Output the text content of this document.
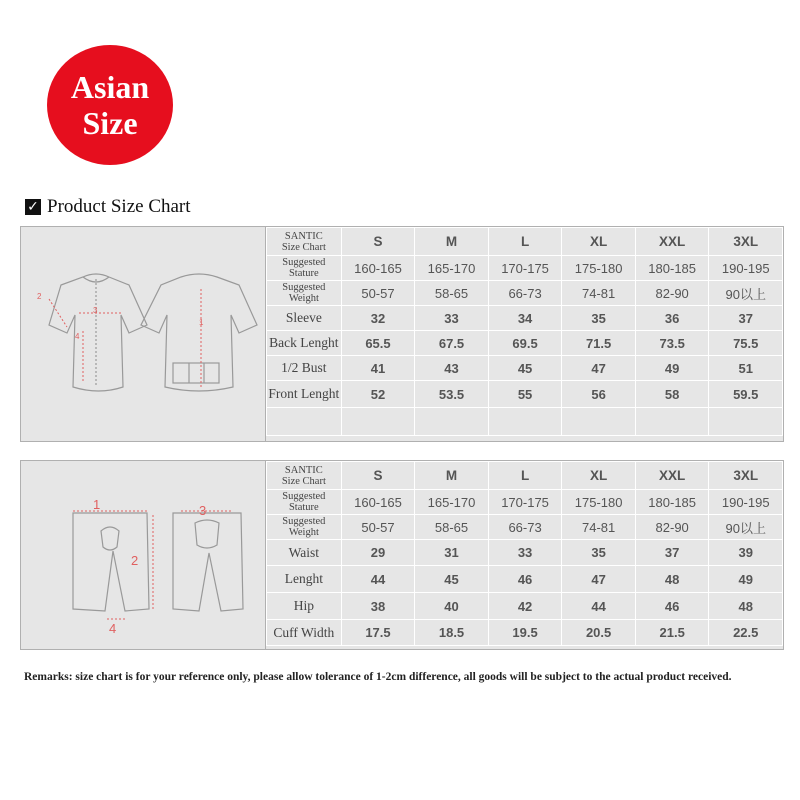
Asian
Size
✓ Product Size Chart
1
2
3
4
SANTIC
Size Chart	S	M	L	XL	XXL	3XL

Suggested
Stature	160-165	165-170	170-175	175-180	180-185	190-195

Suggested
Weight	50-57	58-65	66-73	74-81	82-90	90以上

Sleeve	32	33	34	35	36	37

Back Lenght	65.5	67.5	69.5	71.5	73.5	75.5

1/2 Bust	41	43	45	47	49	51

Front Lenght	52	53.5	55	56	58	59.5

1
2
3
4
SANTIC
Size Chart	S	M	L	XL	XXL	3XL

Suggested
Stature	160-165	165-170	170-175	175-180	180-185	190-195

Suggested
Weight	50-57	58-65	66-73	74-81	82-90	90以上

Waist	29	31	33	35	37	39

Lenght	44	45	46	47	48	49

Hip	38	40	42	44	46	48

Cuff Width	17.5	18.5	19.5	20.5	21.5	22.5
Remarks: size chart is for your reference only, please allow tolerance of 1-2cm difference, all goods will be subject to the actual product received.
